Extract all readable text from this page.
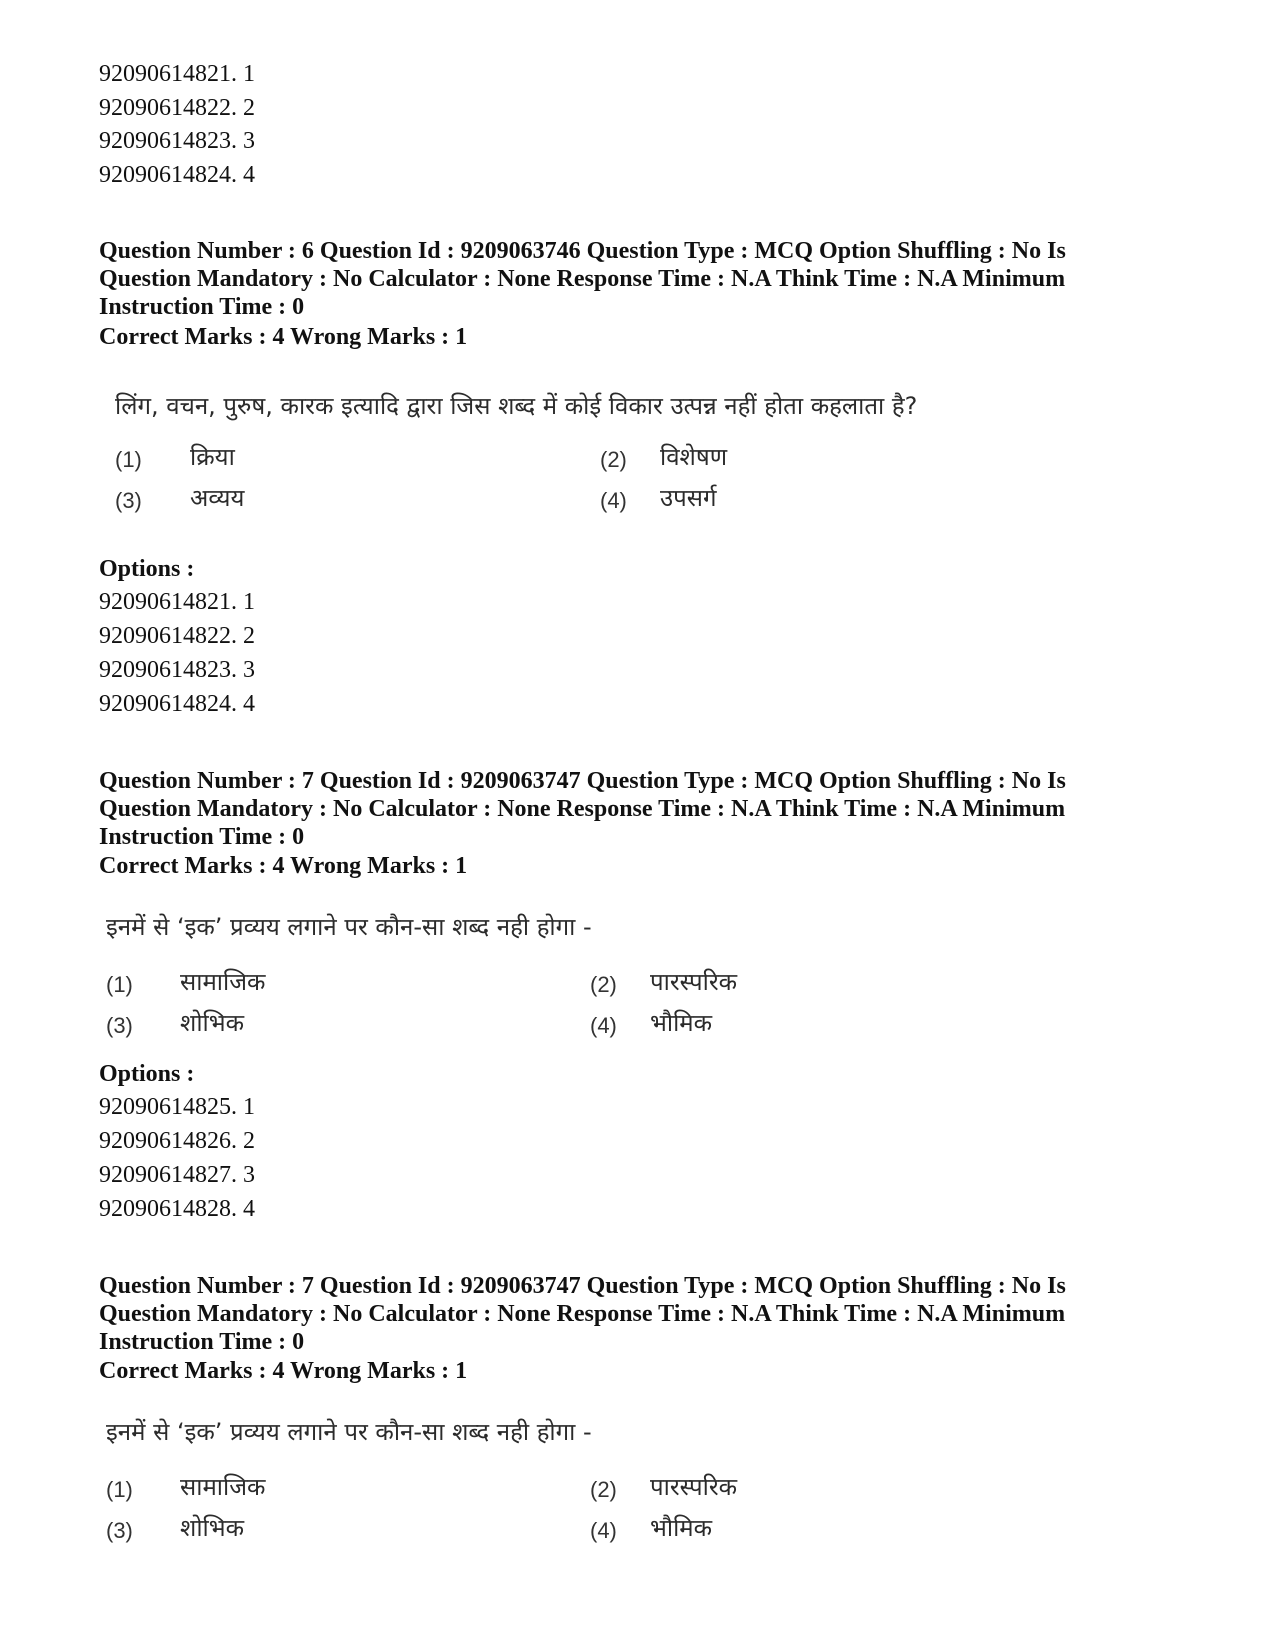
92090614821. 1
92090614822. 2
92090614823. 3
92090614824. 4
Question Number : 6 Question Id : 9209063746 Question Type : MCQ Option Shuffling : No Is Question Mandatory : No Calculator : None Response Time : N.A Think Time : N.A Minimum Instruction Time : 0
Correct Marks : 4 Wrong Marks : 1
लिंग, वचन, पुरुष, कारक इत्यादि द्वारा जिस शब्द में कोई विकार उत्पन्न नहीं होता कहलाता है?
(1) क्रिया	(2) विशेषण
(3) अव्यय	(4) उपसर्ग
Options :
92090614821. 1
92090614822. 2
92090614823. 3
92090614824. 4
Question Number : 7 Question Id : 9209063747 Question Type : MCQ Option Shuffling : No Is Question Mandatory : No Calculator : None Response Time : N.A Think Time : N.A Minimum Instruction Time : 0
Correct Marks : 4 Wrong Marks : 1
इनमें से ‘इक’ प्रव्यय लगाने पर कौन-सा शब्द नही होगा -
(1) सामाजिक	(2) पारस्परिक
(3) शोभिक	(4) भौमिक
Options :
92090614825. 1
92090614826. 2
92090614827. 3
92090614828. 4
Question Number : 7 Question Id : 9209063747 Question Type : MCQ Option Shuffling : No Is Question Mandatory : No Calculator : None Response Time : N.A Think Time : N.A Minimum Instruction Time : 0
Correct Marks : 4 Wrong Marks : 1
इनमें से ‘इक’ प्रव्यय लगाने पर कौन-सा शब्द नही होगा -
(1) सामाजिक	(2) पारस्परिक
(3) शोभिक	(4) भौमिक
